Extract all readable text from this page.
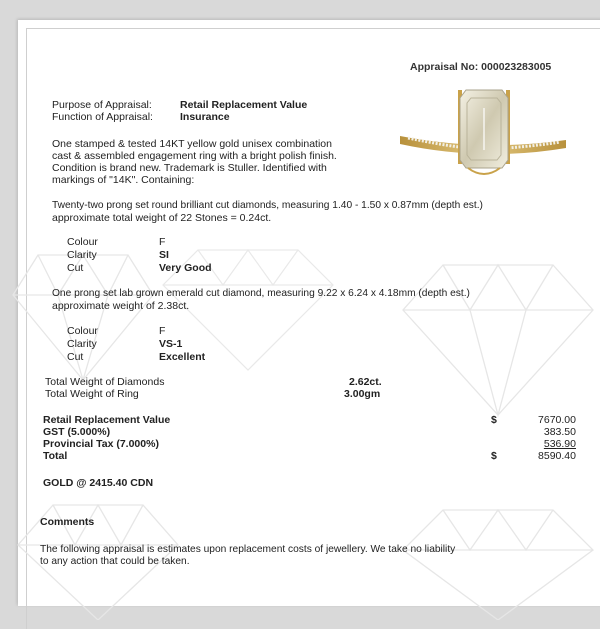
Appraisal No: 000023283005
Purpose of Appraisal:	Retail Replacement Value
Function of Appraisal:	Insurance
One stamped & tested 14KT yellow gold unisex combination
cast & assembled engagement ring with a bright polish finish.
Condition is brand new. Trademark is Stuller. Identified with
markings of "14K". Containing:
Twenty-two prong set round brilliant cut diamonds, measuring 1.40 - 1.50 x 0.87mm (depth est.)
approximate total weight of 22 Stones = 0.24ct.
Colour	F
Clarity	SI
Cut	Very Good
One prong set lab grown emerald cut diamond, measuring 9.22 x 6.24 x 4.18mm (depth est.)
approximate weight of 2.38ct.
Colour	F
Clarity	VS-1
Cut	Excellent
Total Weight of Diamonds	2.62ct.
Total Weight of Ring	3.00gm
Retail Replacement Value	$	7670.00
GST (5.000%)	383.50
Provincial Tax (7.000%)	536.90
Total	$	8590.40
GOLD @ 2415.40 CDN
Comments
The following appraisal is estimates upon replacement costs of jewellery. We take no liability
to any action that could be taken.
